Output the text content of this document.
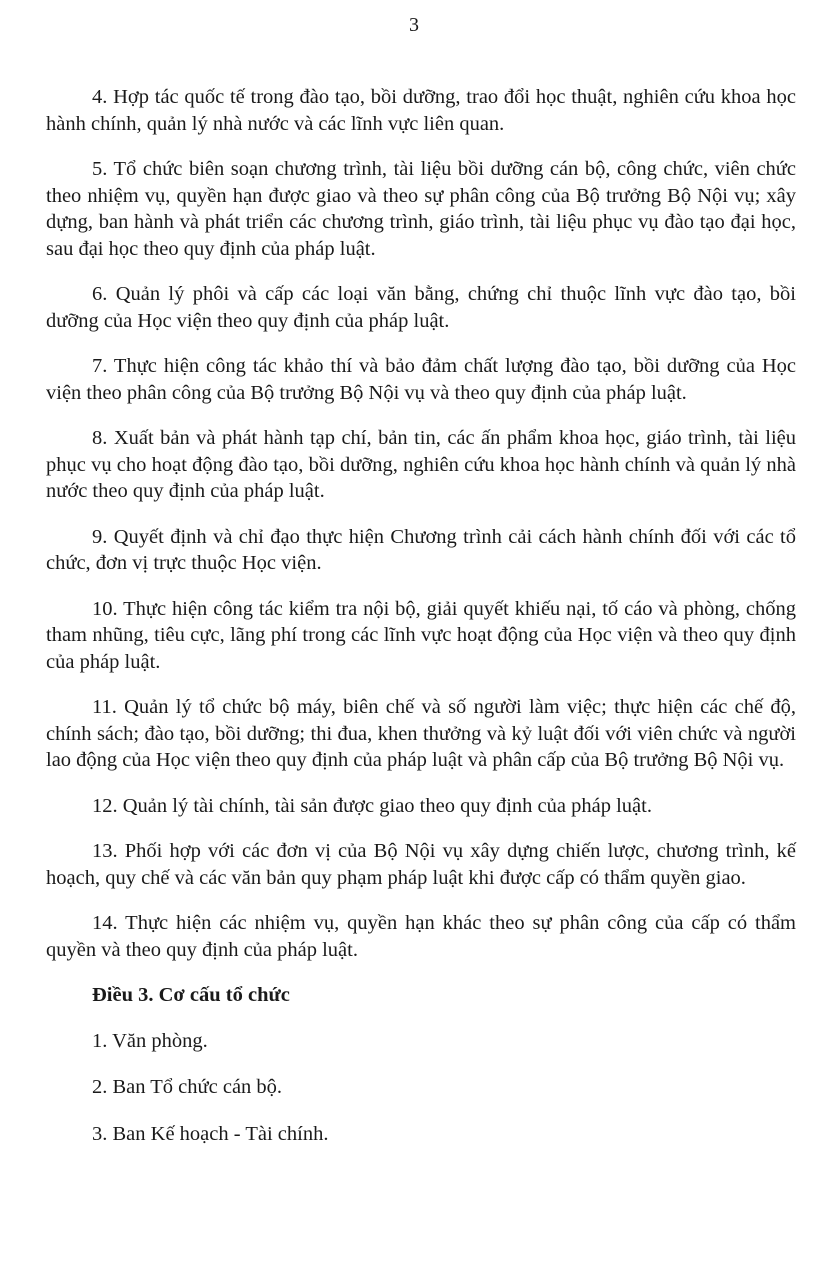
3

4. Hợp tác quốc tế trong đào tạo, bồi dưỡng, trao đổi học thuật, nghiên cứu khoa học hành chính, quản lý nhà nước và các lĩnh vực liên quan.

5. Tổ chức biên soạn chương trình, tài liệu bồi dưỡng cán bộ, công chức, viên chức theo nhiệm vụ, quyền hạn được giao và theo sự phân công của Bộ trưởng Bộ Nội vụ; xây dựng, ban hành và phát triển các chương trình, giáo trình, tài liệu phục vụ đào tạo đại học, sau đại học theo quy định của pháp luật.

6. Quản lý phôi và cấp các loại văn bằng, chứng chỉ thuộc lĩnh vực đào tạo, bồi dưỡng của Học viện theo quy định của pháp luật.

7. Thực hiện công tác khảo thí và bảo đảm chất lượng đào tạo, bồi dưỡng của Học viện theo phân công của Bộ trưởng Bộ Nội vụ và theo quy định của pháp luật.

8. Xuất bản và phát hành tạp chí, bản tin, các ấn phẩm khoa học, giáo trình, tài liệu phục vụ cho hoạt động đào tạo, bồi dưỡng, nghiên cứu khoa học hành chính và quản lý nhà nước theo quy định của pháp luật.

9. Quyết định và chỉ đạo thực hiện Chương trình cải cách hành chính đối với các tổ chức, đơn vị trực thuộc Học viện.

10. Thực hiện công tác kiểm tra nội bộ, giải quyết khiếu nại, tố cáo và phòng, chống tham nhũng, tiêu cực, lãng phí trong các lĩnh vực hoạt động của Học viện và theo quy định của pháp luật.

11. Quản lý tổ chức bộ máy, biên chế và số người làm việc; thực hiện các chế độ, chính sách; đào tạo, bồi dưỡng; thi đua, khen thưởng và kỷ luật đối với viên chức và người lao động của Học viện theo quy định của pháp luật và phân cấp của Bộ trưởng Bộ Nội vụ.

12. Quản lý tài chính, tài sản được giao theo quy định của pháp luật.

13. Phối hợp với các đơn vị của Bộ Nội vụ xây dựng chiến lược, chương trình, kế hoạch, quy chế và các văn bản quy phạm pháp luật khi được cấp có thẩm quyền giao.

14. Thực hiện các nhiệm vụ, quyền hạn khác theo sự phân công của cấp có thẩm quyền và theo quy định của pháp luật.

Điều 3. Cơ cấu tổ chức

1. Văn phòng.

2. Ban Tổ chức cán bộ.

3. Ban Kế hoạch - Tài chính.
